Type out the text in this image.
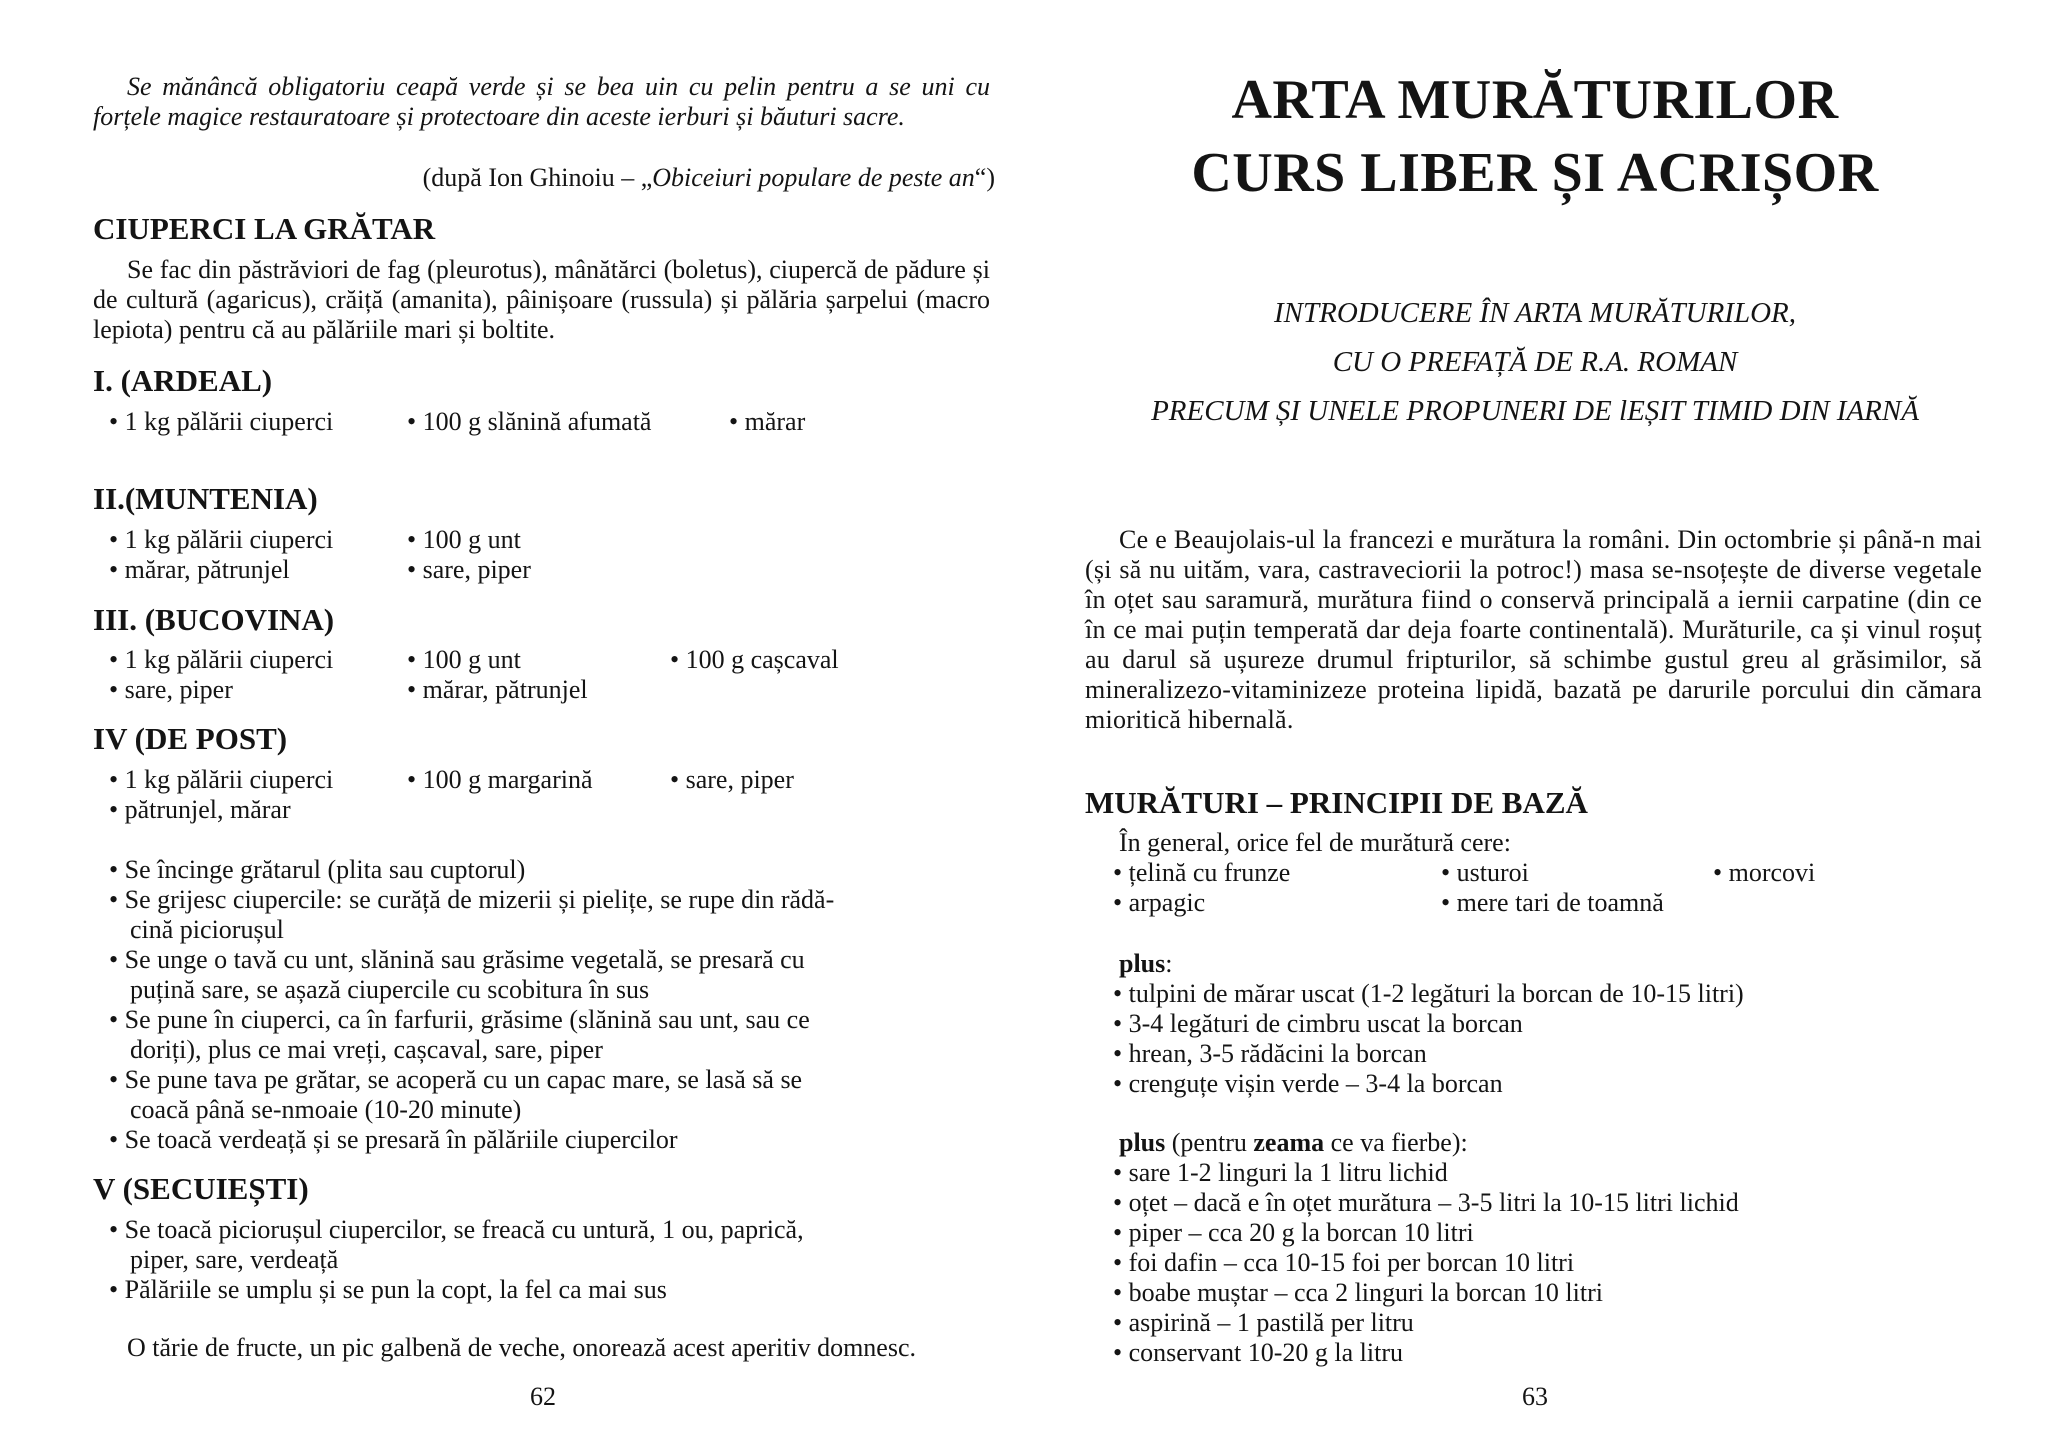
Se mănâncă obligatoriu ceapă verde și se bea uin cu pelin pentru a se uni cu forțele magice restauratoare și protectoare din aceste ierburi și băuturi sacre.

(după Ion Ghinoiu – „Obiceiuri populare de peste an“)
CIUPERCI LA GRĂTAR

Se fac din păstrăviori de fag (pleurotus), mânătărci (boletus), ciupercă de pădure și de cultură (agaricus), crăiță (amanita), pâinișoare (russula) și pălăria șarpelui (macro lepiota) pentru că au pălăriile mari și boltite.

I. (ARDEAL)
• 1 kg pălării ciuperci	• 100 g slănină afumată	• mărar
II.(MUNTENIA)
• 1 kg pălării ciuperci	• 100 g unt
• mărar, pătrunjel	• sare, piper
III. (BUCOVINA)
• 1 kg pălării ciuperci	• 100 g unt	• 100 g cașcaval
• sare, piper	• mărar, pătrunjel
IV (DE POST)
• 1 kg pălării ciuperci	• 100 g margarină	• sare, piper
• pătrunjel, mărar
• Se încinge grătarul (plita sau cuptorul)
• Se grijesc ciupercile: se curăță de mizerii și pielițe, se rupe din rădă-
cină piciorușul
• Se unge o tavă cu unt, slănină sau grăsime vegetală, se presară cu
puțină sare, se așază ciupercile cu scobitura în sus
• Se pune în ciuperci, ca în farfurii, grăsime (slănină sau unt, sau ce
doriți), plus ce mai vreți, cașcaval, sare, piper
• Se pune tava pe grătar, se acoperă cu un capac mare, se lasă să se
coacă până se-nmoaie (10-20 minute)
• Se toacă verdeață și se presară în pălăriile ciupercilor
V (SECUIEȘTI)
• Se toacă piciorușul ciupercilor, se freacă cu untură, 1 ou, paprică,
piper, sare, verdeață
• Pălăriile se umplu și se pun la copt, la fel ca mai sus

O tărie de fructe, un pic galbenă de veche, onorează acest aperitiv domnesc.

62
ARTA MURĂTURILOR
CURS LIBER ȘI ACRIȘOR

INTRODUCERE ÎN ARTA MURĂTURILOR,

CU O PREFAȚĂ DE R.A. ROMAN

PRECUM ȘI UNELE PROPUNERI DE lEȘIT TIMID DIN IARNĂ

Ce e Beaujolais-ul la francezi e murătura la români. Din octombrie și până-n mai (și să nu uităm, vara, castraveciorii la potroc!) masa se-nsoțește de diverse vegetale în oțet sau saramură, murătura fiind o conservă principală a iernii carpatine (din ce în ce mai puțin temperată dar deja foarte continentală). Murăturile, ca și vinul roșuț au darul să ușureze drumul fripturilor, să schimbe gustul greu al grăsimilor, să mineralizezo-vitaminizeze proteina lipidă, bazată pe darurile porcului din cămara mioritică hibernală.

MURĂTURI – PRINCIPII DE BAZĂ

În general, orice fel de murătură cere:

• țelină cu frunze	• usturoi	• morcovi
• arpagic	• mere tari de toamnă
plus:
• tulpini de mărar uscat (1-2 legături la borcan de 10-15 litri)
• 3-4 legături de cimbru uscat la borcan
• hrean, 3-5 rădăcini la borcan
• crenguțe vișin verde – 3-4 la borcan
plus (pentru zeama ce va fierbe):
• sare 1-2 linguri la 1 litru lichid
• oțet – dacă e în oțet murătura – 3-5 litri la 10-15 litri lichid
• piper – cca 20 g la borcan 10 litri
• foi dafin – cca 10-15 foi per borcan 10 litri
• boabe muștar – cca 2 linguri la borcan 10 litri
• aspirină – 1 pastilă per litru
• conservant 10-20 g la litru
63
